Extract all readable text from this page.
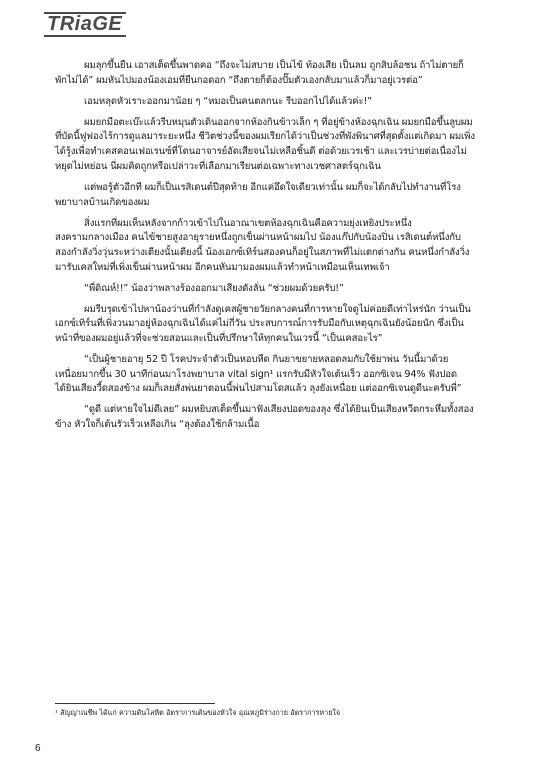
TRiaGE

ผมลุกขึ้นยืน เอาสเต็ดขึ้นพาดคอ “ถึงจะไม่สบาย เป็นไข้ ท้องเสีย เป็นลม ถูกสิบล้อชน ถ้าไม่ตายก็พักไม่ได้” ผมหันไปมองน้องเอมที่ยืนกอดอก “ถึงตายก็ต้องปั๊มตัวเองกลับมาแล้วก็มาอยู่เวรต่อ”

เอมหลุดหัวเราะออกมาน้อย ๆ “หมอเป็นคนตลกนะ รีบออกไปได้แล้วค่ะ!”

ผมยกมือตะเบ๊ะแล้วรีบหมุนตัวเดินออกจากห้องกินข้าวเล็ก ๆ ที่อยู่ข้างห้องฉุกเฉิน ผมยกมือขึ้นลูบผมที่บัดนี้ฟูฟองไร้การดูแลมาระยะหนึ่ง ชีวิตช่วงนี้ของผมเรียกได้ว่าเป็นช่วงที่พังพินาศที่สุดตั้งแต่เกิดมา ผมเพิ่งได้รู้งเพื่อทำเคสคอนเฟอเรนซ์ที่โดนอาจารย์อัดเสียจนไม่เหลือชิ้นดี ต่อด้วยเวรเช้า และเวรบ่ายต่อเนื่องไม่หยุดไม่หย่อน นี่ผมคิดถูกหรือเปล่าวะที่เลือกมาเรียนต่อเฉพาะทางเวชศาสตร์ฉุกเฉิน

แต่พอรู้ตัวอีกที ผมก็เป็นเรสิเดนต์ปีสุดท้าย อีกแค่อึดใจเดียวเท่านั้น ผมก็จะได้กลับไปทำงานที่โรงพยาบาลบ้านเกิดของผม

สิ่งแรกที่ผมเห็นหลังจากก้าวเข้าไปในอาณาเขตห้องฉุกเฉินคือความยุ่งเหยิงประหนึ่งสงครามกลางเมือง คนไข้ชายสูงอายุรายหนึ่งถูกเข็นผ่านหน้าผมไป น้องแก๊ปกับน้องปิ่น เรสิเดนต์หนึ่งกับสองกำลังวิ่งวุ่นระหว่างเตียงนั้นเตียงนี้ น้องเอกซ์เทิร์นสองคนก็อยู่ในสภาพที่ไม่แตกต่างกัน คนหนึ่งกำลังวิ่งมารับเคสใหม่ที่เพิ่งเข็นผ่านหน้าผม อีกคนหันมามองผมแล้วทำหน้าเหมือนเห็นเทพเจ้า

“พี่ดิณห์!!” น้องว่าพลางร้องออกมาเสียงดังลั่น “ช่วยผมด้วยครับ!”

ผมรีบรุดเข้าไปหาน้องว่านที่กำลังดูเคสผู้ชายวัยกลางคนที่การหายใจดูไม่ค่อยดีเท่าไหร่นัก ว่านเป็นเอกซ์เทิร์นที่เพิ่งวนมาอยู่ห้องฉุกเฉินได้แค่ไม่กี่วัน ประสบการณ์การรับมือกับเหตุฉุกเฉินยังน้อยนัก ซึ่งเป็นหน้าที่ของผมอยู่แล้วที่จะช่วยสอนและเป็นที่ปรึกษาให้ทุกคนในเวรนี้ “เป็นเคสอะไร”

“เป็นผู้ชายอายุ 52 ปี โรคประจำตัวเป็นหอบหืด กินยาขยายหลอดลมกับใช้ยาพ่น วันนี้มาด้วยเหนื่อยมากขึ้น 30 นาทีก่อนมาโรงพยาบาล vital sign¹ แรกรับมีหัวใจเต้นเร็ว ออกซิเจน 94% ฟังปอดได้ยินเสียงวี้ดสองข้าง ผมก็เลยสั่งพ่นยาตอนนี้พ่นไปสามโดสแล้ว ลุงยังเหนื่อย แต่ออกซิเจนดูดีนะครับพี่”

“ดูดี แต่หายใจไม่ดีเลย” ผมหยิบสเต็ดขึ้นมาฟังเสียงปอดของลุง ซึ่งได้ยินเป็นเสียงหวีดกระหึ่มทั้งสองข้าง หัวใจก็เต้นรัวเร็วเหลือเกิน “ลุงต้องใช้กล้ามเนื้อ

¹ สัญญาณชีพ ได้แก่ ความดันโลหิต อัตราการเต้นของหัวใจ อุณหภูมิร่างกาย อัตราการหายใจ
6
